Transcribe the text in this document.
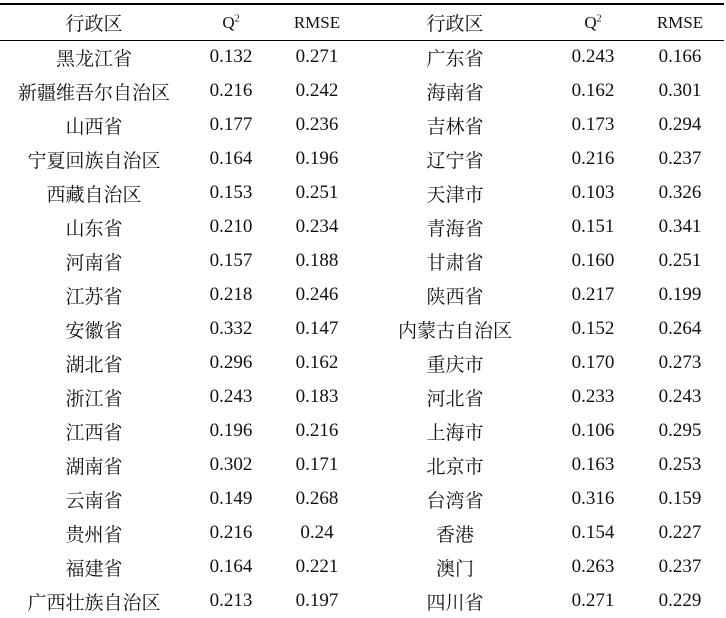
行政区	$Q^2$	RMSE	行政区	$Q^2$	RMSE
黑龙江省	0.132	0.271	广东省	0.243	0.166
新疆维吾尔自治区	0.216	0.242	海南省	0.162	0.301
山西省	0.177	0.236	吉林省	0.173	0.294
宁夏回族自治区	0.164	0.196	辽宁省	0.216	0.237
西藏自治区	0.153	0.251	天津市	0.103	0.326
山东省	0.210	0.234	青海省	0.151	0.341
河南省	0.157	0.188	甘肃省	0.160	0.251
江苏省	0.218	0.246	陕西省	0.217	0.199
安徽省	0.332	0.147	内蒙古自治区	0.152	0.264
湖北省	0.296	0.162	重庆市	0.170	0.273
浙江省	0.243	0.183	河北省	0.233	0.243
江西省	0.196	0.216	上海市	0.106	0.295
湖南省	0.302	0.171	北京市	0.163	0.253
云南省	0.149	0.268	台湾省	0.316	0.159
贵州省	0.216	0.24	香港	0.154	0.227
福建省	0.164	0.221	澳门	0.263	0.237
广西壮族自治区	0.213	0.197	四川省	0.271	0.229
